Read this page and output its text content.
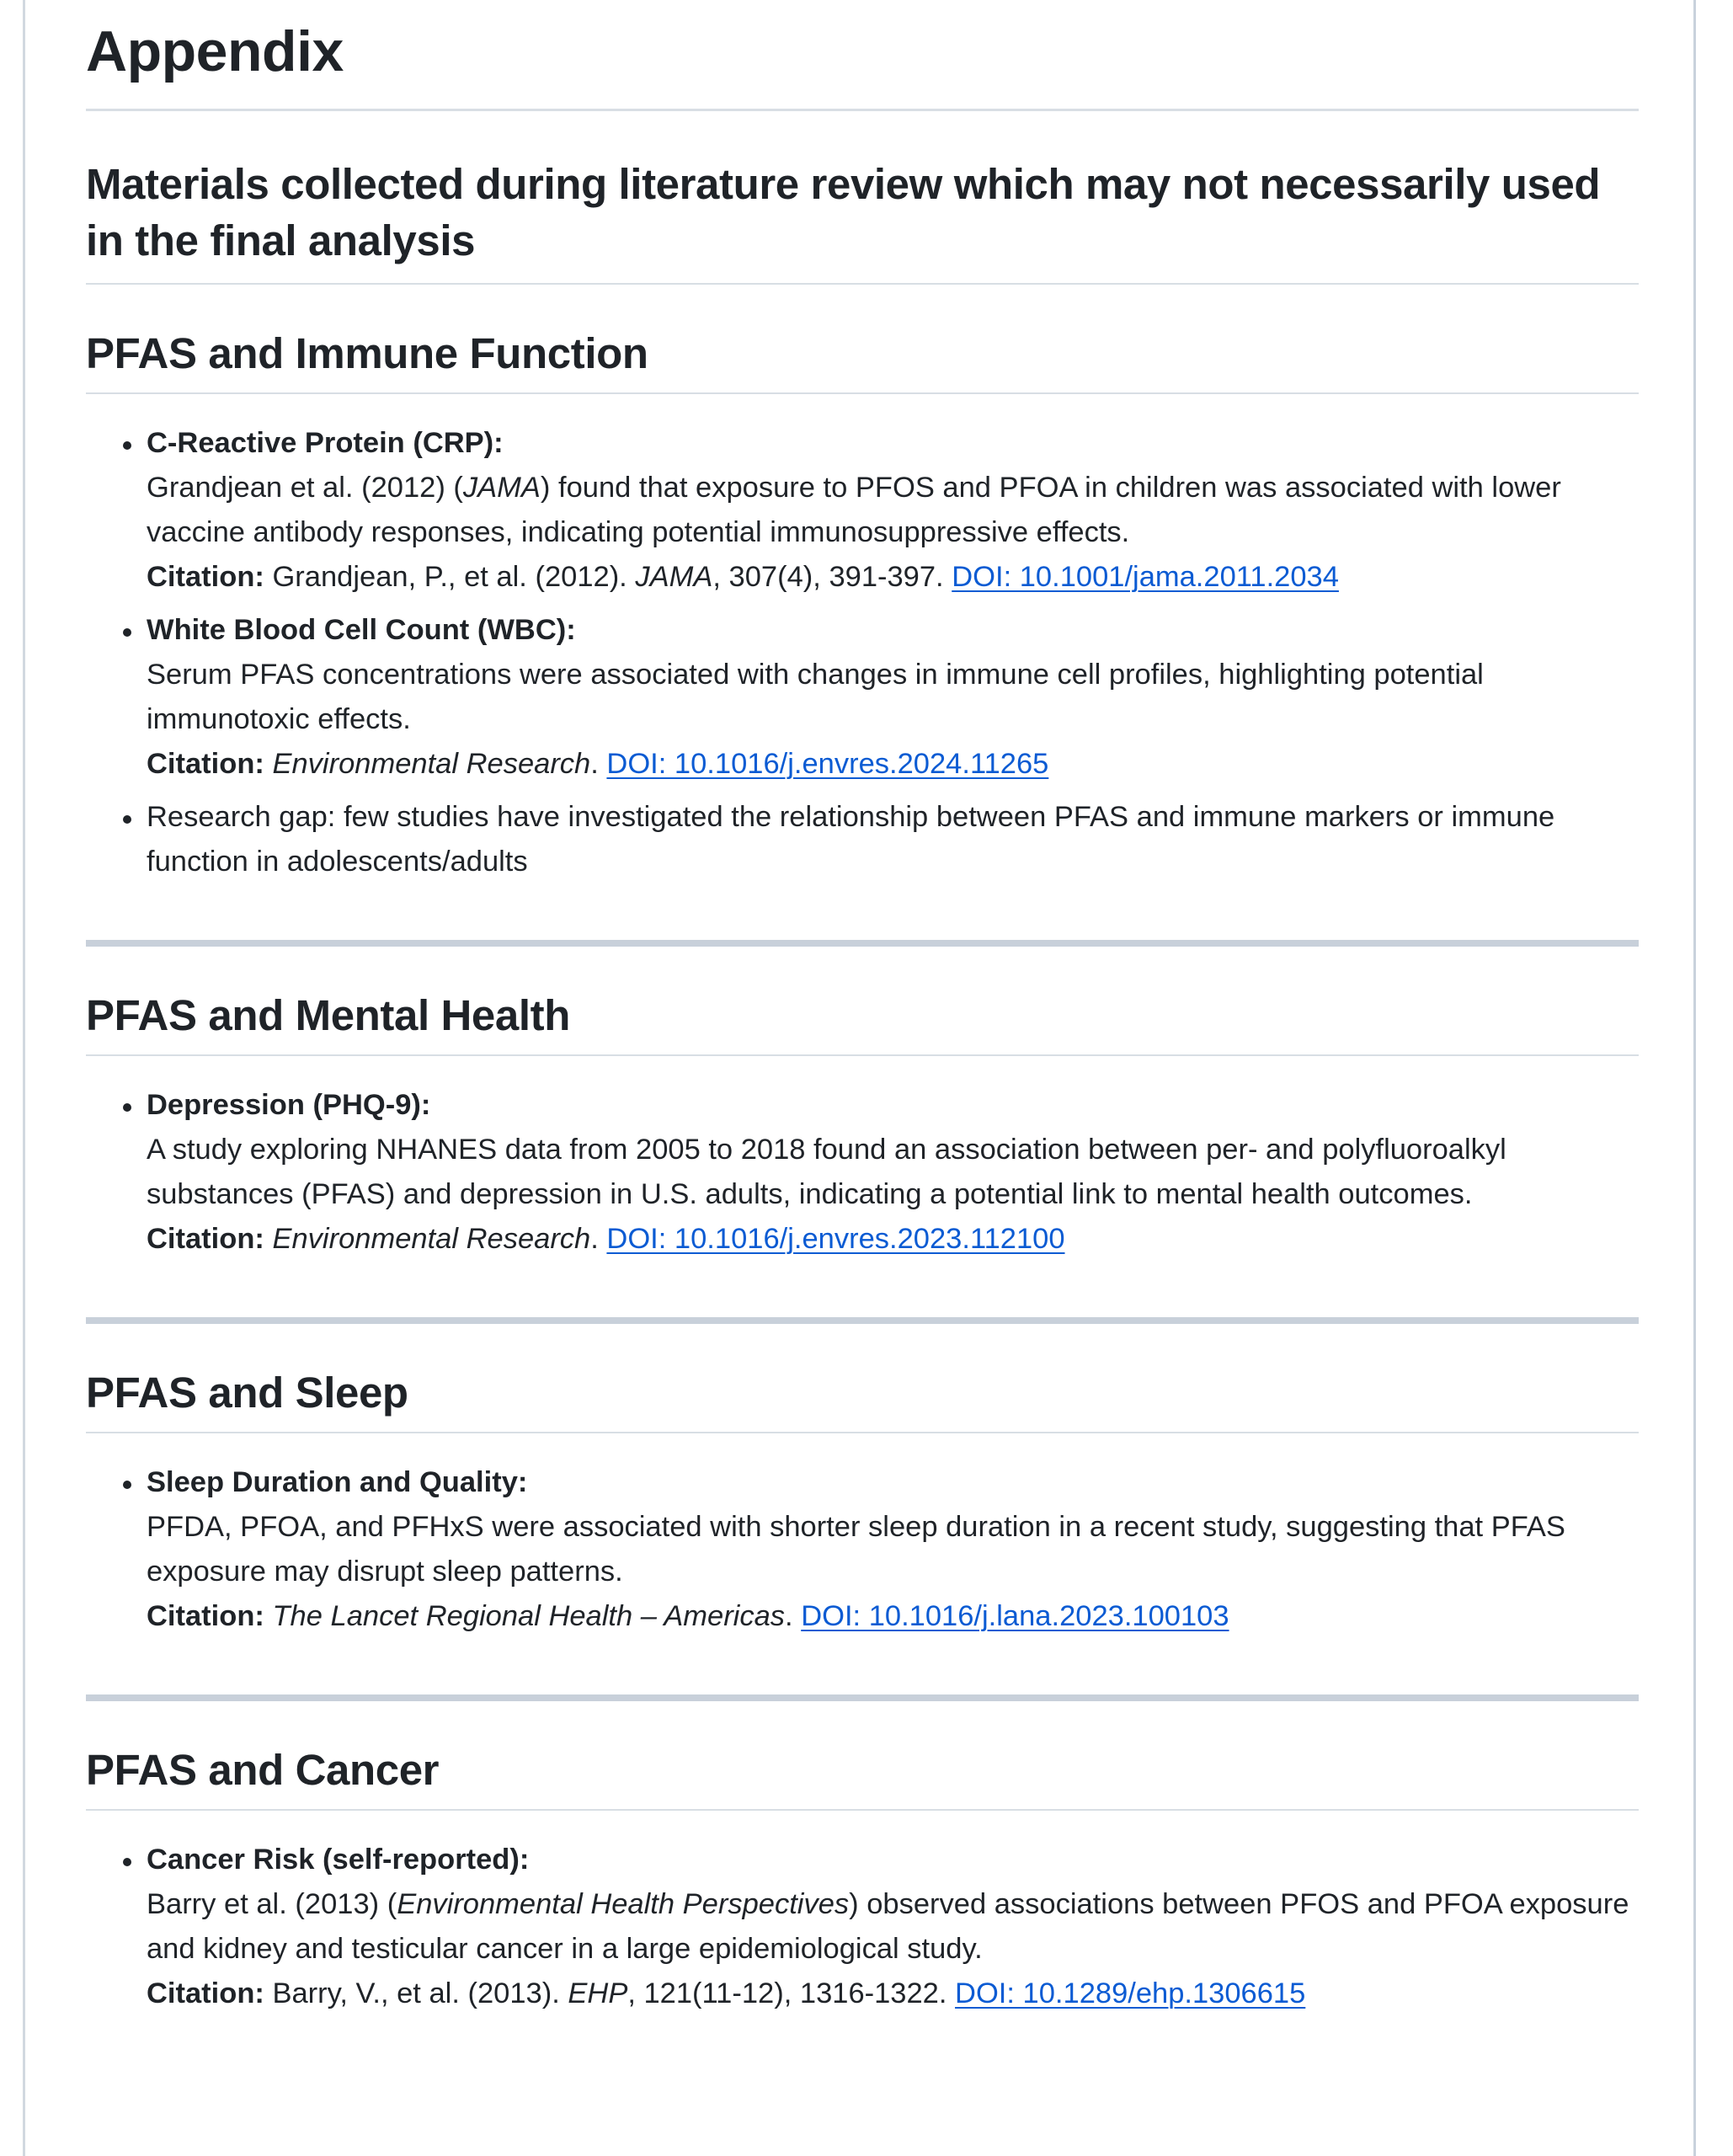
Appendix
Materials collected during literature review which may not necessarily used in the final analysis
PFAS and Immune Function
C-Reactive Protein (CRP):
Grandjean et al. (2012) (JAMA) found that exposure to PFOS and PFOA in children was associated with lower vaccine antibody responses, indicating potential immunosuppressive effects.
Citation: Grandjean, P., et al. (2012). JAMA, 307(4), 391-397. DOI: 10.1001/jama.2011.2034
White Blood Cell Count (WBC):
Serum PFAS concentrations were associated with changes in immune cell profiles, highlighting potential immunotoxic effects.
Citation: Environmental Research. DOI: 10.1016/j.envres.2024.11265
Research gap: few studies have investigated the relationship between PFAS and immune markers or immune function in adolescents/adults
PFAS and Mental Health
Depression (PHQ-9):
A study exploring NHANES data from 2005 to 2018 found an association between per- and polyfluoroalkyl substances (PFAS) and depression in U.S. adults, indicating a potential link to mental health outcomes.
Citation: Environmental Research. DOI: 10.1016/j.envres.2023.112100
PFAS and Sleep
Sleep Duration and Quality:
PFDA, PFOA, and PFHxS were associated with shorter sleep duration in a recent study, suggesting that PFAS exposure may disrupt sleep patterns.
Citation: The Lancet Regional Health – Americas. DOI: 10.1016/j.lana.2023.100103
PFAS and Cancer
Cancer Risk (self-reported):
Barry et al. (2013) (Environmental Health Perspectives) observed associations between PFOS and PFOA exposure and kidney and testicular cancer in a large epidemiological study.
Citation: Barry, V., et al. (2013). EHP, 121(11-12), 1316-1322. DOI: 10.1289/ehp.1306615
